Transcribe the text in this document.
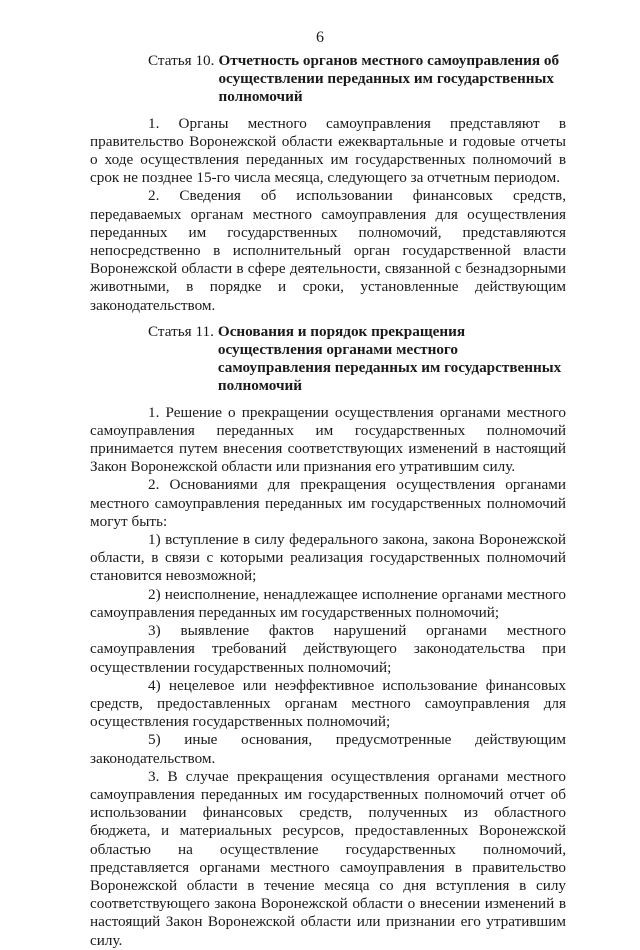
6
Статья 10. Отчетность органов местного самоуправления об осуществлении переданных им государственных полномочий

1. Органы местного самоуправления представляют в правительство Воронежской области ежеквартальные и годовые отчеты о ходе осуществления переданных им государственных полномочий в срок не позднее 15-го числа месяца, следующего за отчетным периодом.

2. Сведения об использовании финансовых средств, передаваемых органам местного самоуправления для осуществления переданных им государственных полномочий, представляются непосредственно в исполнительный орган государственной власти Воронежской области в сфере деятельности, связанной с безнадзорными животными, в порядке и сроки, установленные действующим законодательством.

Статья 11. Основания и порядок прекращения осуществления органами местного самоуправления переданных им государственных полномочий

1. Решение о прекращении осуществления органами местного самоуправления переданных им государственных полномочий принимается путем внесения соответствующих изменений в настоящий Закон Воронежской области или признания его утратившим силу.

2. Основаниями для прекращения осуществления органами местного самоуправления переданных им государственных полномочий могут быть:

1) вступление в силу федерального закона, закона Воронежской области, в связи с которыми реализация государственных полномочий становится невозможной;

2) неисполнение, ненадлежащее исполнение органами местного самоуправления переданных им государственных полномочий;

3) выявление фактов нарушений органами местного самоуправления требований действующего законодательства при осуществлении государственных полномочий;

4) нецелевое или неэффективное использование финансовых средств, предоставленных органам местного самоуправления для осуществления государственных полномочий;

5) иные основания, предусмотренные действующим законодательством.

3. В случае прекращения осуществления органами местного самоуправления переданных им государственных полномочий отчет об использовании финансовых средств, полученных из областного бюджета, и материальных ресурсов, предоставленных Воронежской областью на осуществление государственных полномочий, представляется органами местного самоуправления в правительство Воронежской области в течение месяца со дня вступления в силу соответствующего закона Воронежской области о внесении изменений в настоящий Закон Воронежской области или признании его утратившим силу.
